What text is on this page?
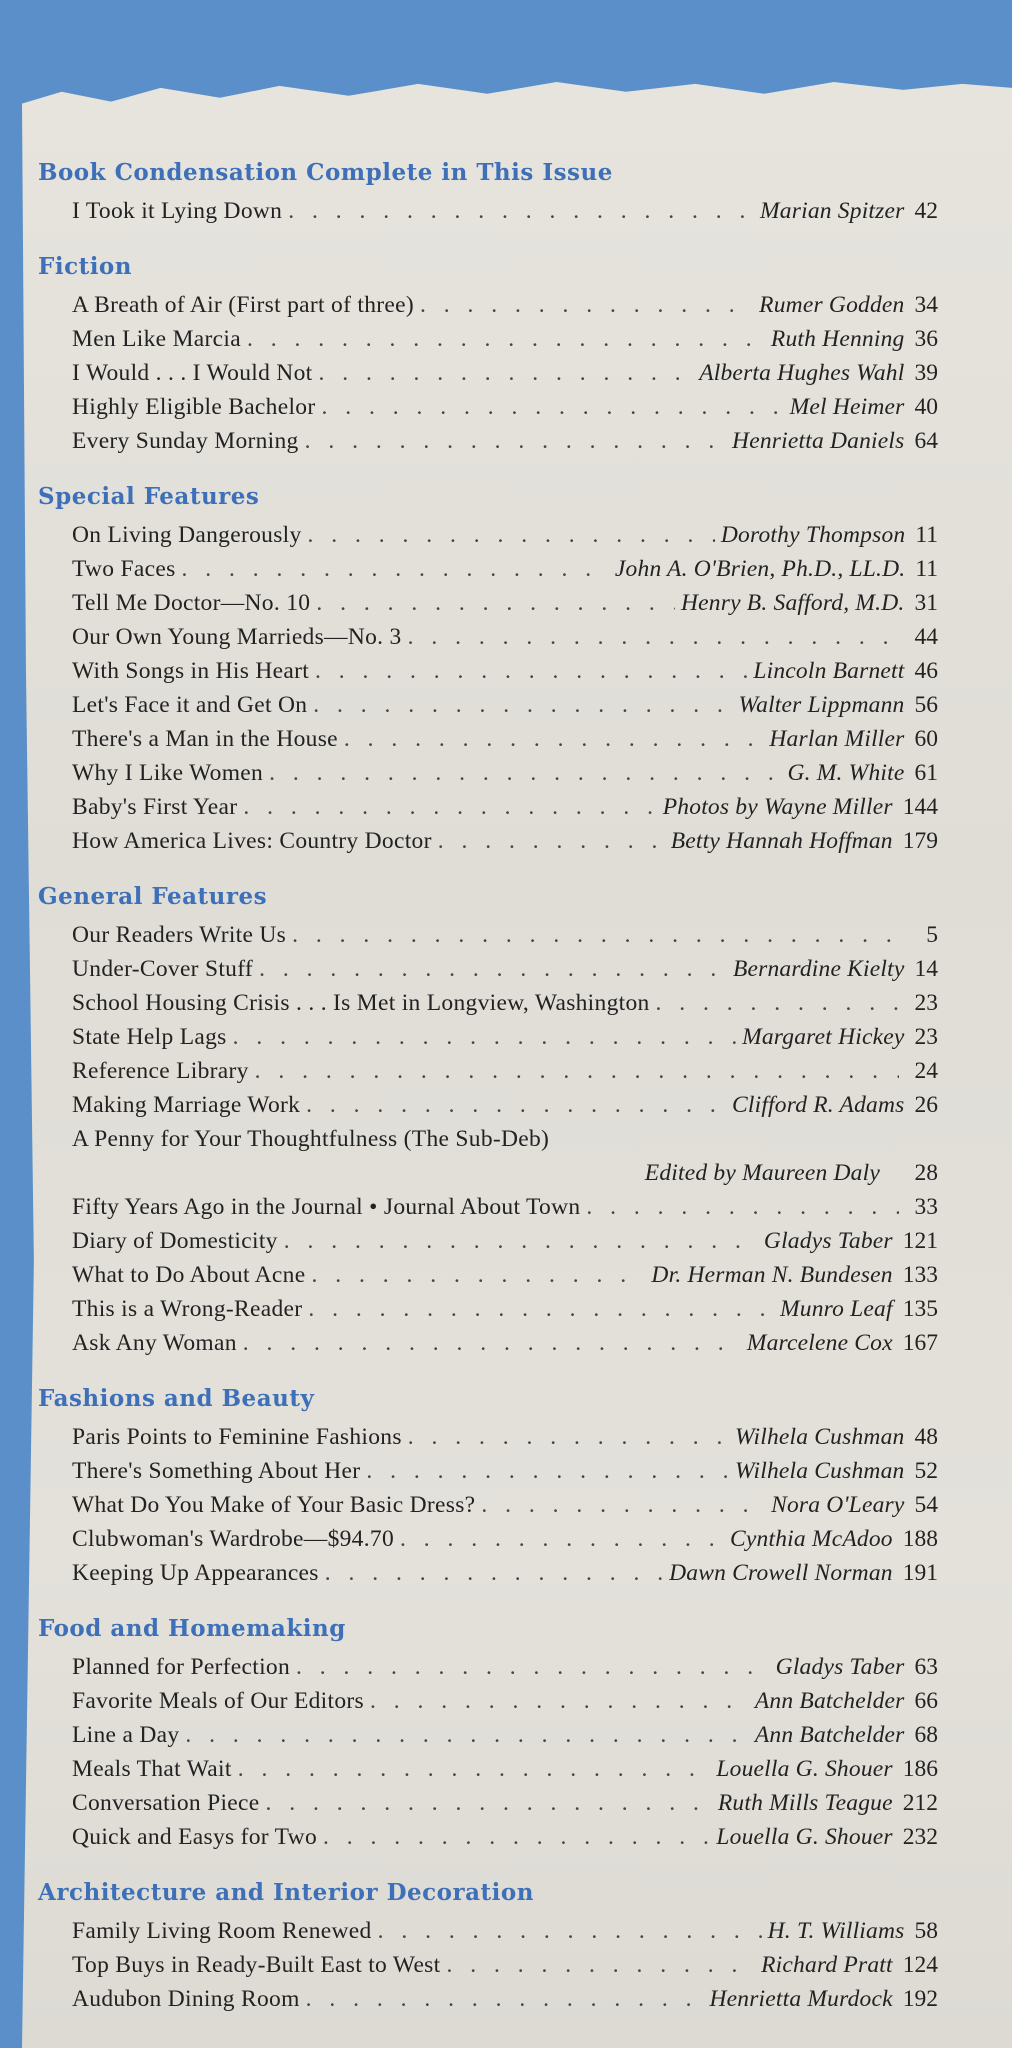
Book Condensation Complete in This Issue
I Took it Lying Down . . .	Marian Spitzer 42
Fiction
A Breath of Air (First part of three) . . .	Rumer Godden 34
Men Like Marcia . . .	Ruth Henning 36
I Would . . . I Would Not . . .	Alberta Hughes Wahl 39
Highly Eligible Bachelor . . .	Mel Heimer 40
Every Sunday Morning . . .	Henrietta Daniels 64
Special Features
On Living Dangerously . . .	Dorothy Thompson 11
Two Faces . . .	John A. O'Brien, Ph.D., LL.D. 11
Tell Me Doctor—No. 10 . . .	Henry B. Safford, M.D. 31
Our Own Young Marrieds—No. 3 . . .	44
With Songs in His Heart . . .	Lincoln Barnett 46
Let's Face it and Get On . . .	Walter Lippmann 56
There's a Man in the House . . .	Harlan Miller 60
Why I Like Women . . .	G. M. White 61
Baby's First Year . . .	Photos by Wayne Miller 144
How America Lives: Country Doctor . . .	Betty Hannah Hoffman 179
General Features
Our Readers Write Us . . .	5
Under-Cover Stuff . . .	Bernardine Kielty 14
School Housing Crisis . . . Is Met in Longview, Washington . . .	23
State Help Lags . . .	Margaret Hickey 23
Reference Library . . .	24
Making Marriage Work . . .	Clifford R. Adams 26
A Penny for Your Thoughtfulness (The Sub-Deb)
Edited by Maureen Daly	28
Fifty Years Ago in the Journal • Journal About Town . . .	33
Diary of Domesticity . . .	Gladys Taber 121
What to Do About Acne . . .	Dr. Herman N. Bundesen 133
This is a Wrong-Reader . . .	Munro Leaf 135
Ask Any Woman . . .	Marcelene Cox 167
Fashions and Beauty
Paris Points to Feminine Fashions . . .	Wilhela Cushman 48
There's Something About Her . . .	Wilhela Cushman 52
What Do You Make of Your Basic Dress? . . .	Nora O'Leary 54
Clubwoman's Wardrobe—$94.70 . . .	Cynthia McAdoo 188
Keeping Up Appearances . . .	Dawn Crowell Norman 191
Food and Homemaking
Planned for Perfection . . .	Gladys Taber 63
Favorite Meals of Our Editors . . .	Ann Batchelder 66
Line a Day . . .	Ann Batchelder 68
Meals That Wait . . .	Louella G. Shouer 186
Conversation Piece . . .	Ruth Mills Teague 212
Quick and Easys for Two . . .	Louella G. Shouer 232
Architecture and Interior Decoration
Family Living Room Renewed . . .	H. T. Williams 58
Top Buys in Ready-Built East to West . . .	Richard Pratt 124
Audubon Dining Room . . .	Henrietta Murdock 192
